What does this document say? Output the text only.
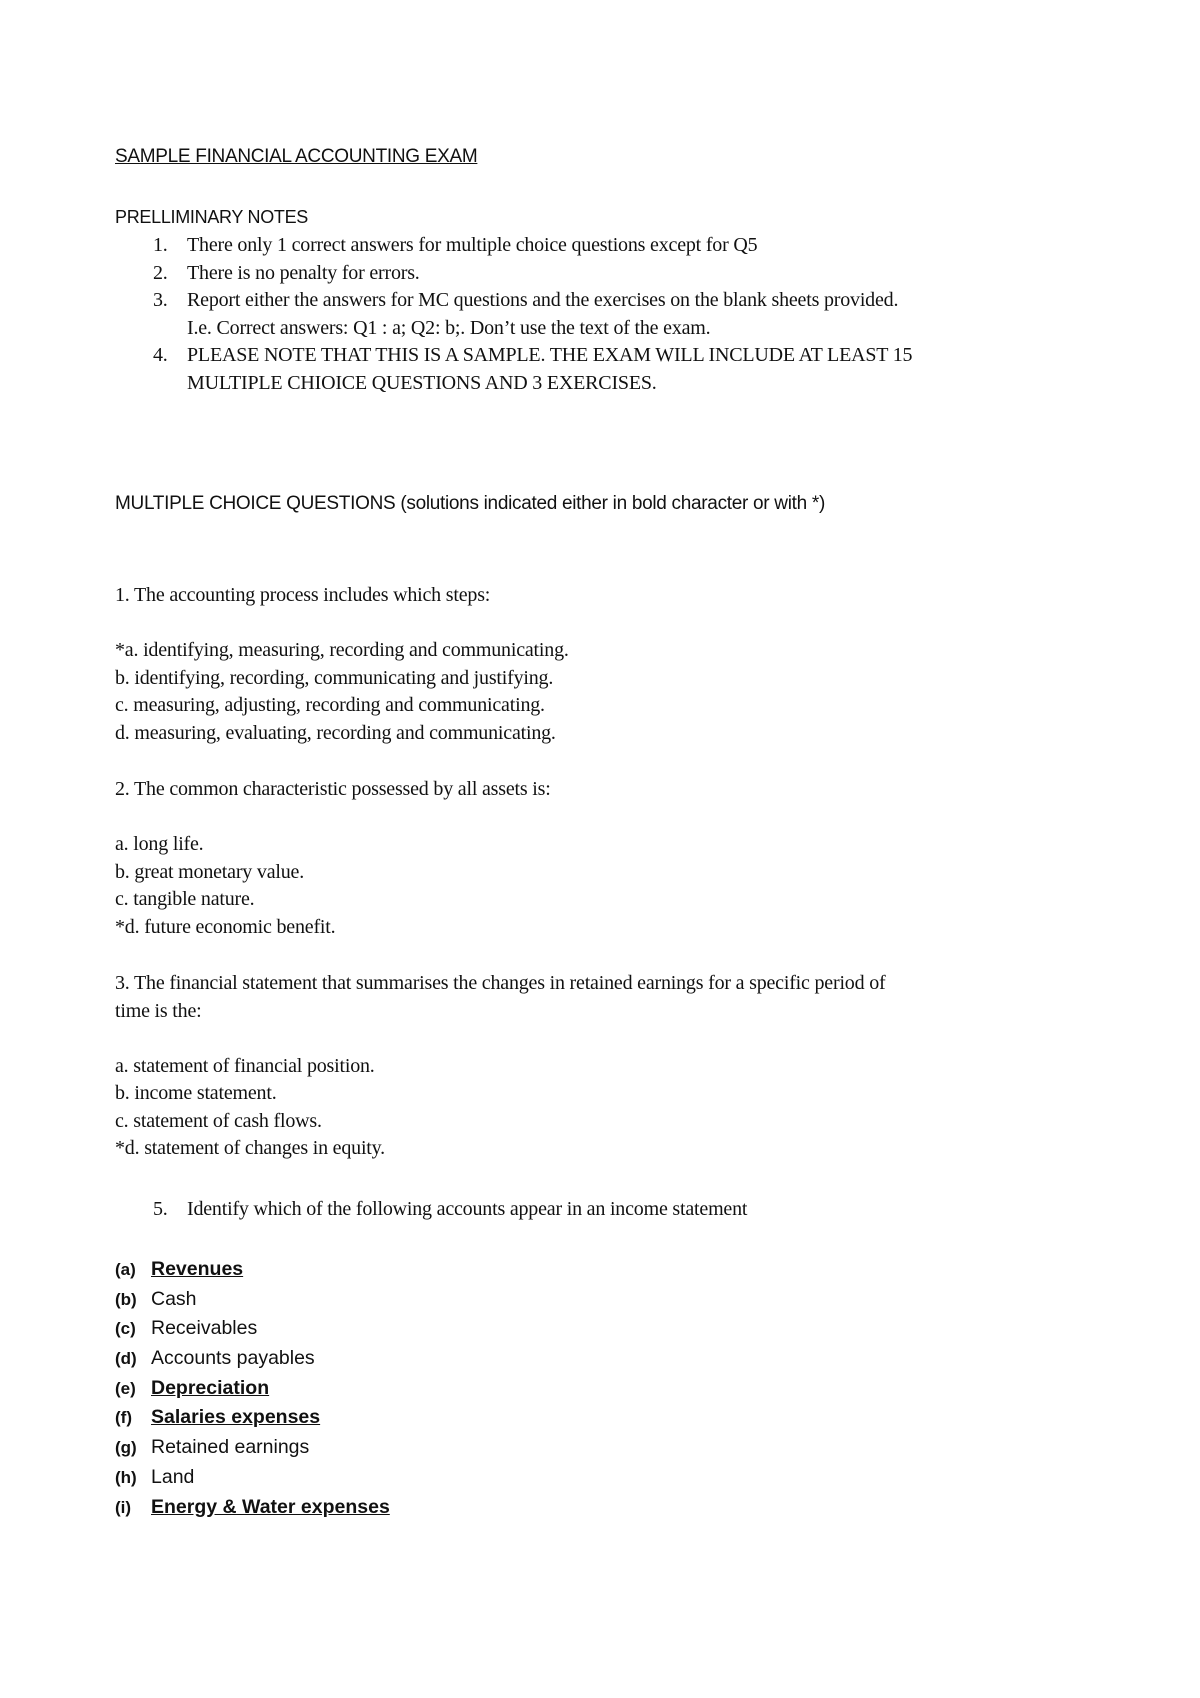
SAMPLE FINANCIAL ACCOUNTING EXAM
PRELLIMINARY NOTES
1. There only 1 correct answers for multiple choice questions except for Q5
2. There is no penalty for errors.
3. Report either the answers for MC questions and the exercises on the blank sheets provided.
I.e. Correct answers: Q1 : a; Q2: b;. Don’t use the text of the exam.
4. PLEASE NOTE THAT THIS IS A SAMPLE. THE EXAM WILL INCLUDE AT LEAST 15
MULTIPLE CHIOICE QUESTIONS AND 3 EXERCISES.
MULTIPLE CHOICE QUESTIONS (solutions indicated either in bold character or with *)
1. The accounting process includes which steps:
*a. identifying, measuring, recording and communicating.
b. identifying, recording, communicating and justifying.
c. measuring, adjusting, recording and communicating.
d. measuring, evaluating, recording and communicating.
2. The common characteristic possessed by all assets is:
a. long life.
b. great monetary value.
c. tangible nature.
*d. future economic benefit.
3. The financial statement that summarises the changes in retained earnings for a specific period of
time is the:
a. statement of financial position.
b. income statement.
c. statement of cash flows.
*d. statement of changes in equity.
5. Identify which of the following accounts appear in an income statement
(a) Revenues
(b) Cash
(c) Receivables
(d) Accounts payables
(e) Depreciation
(f) Salaries expenses
(g) Retained earnings
(h) Land
(i) Energy & Water expenses
